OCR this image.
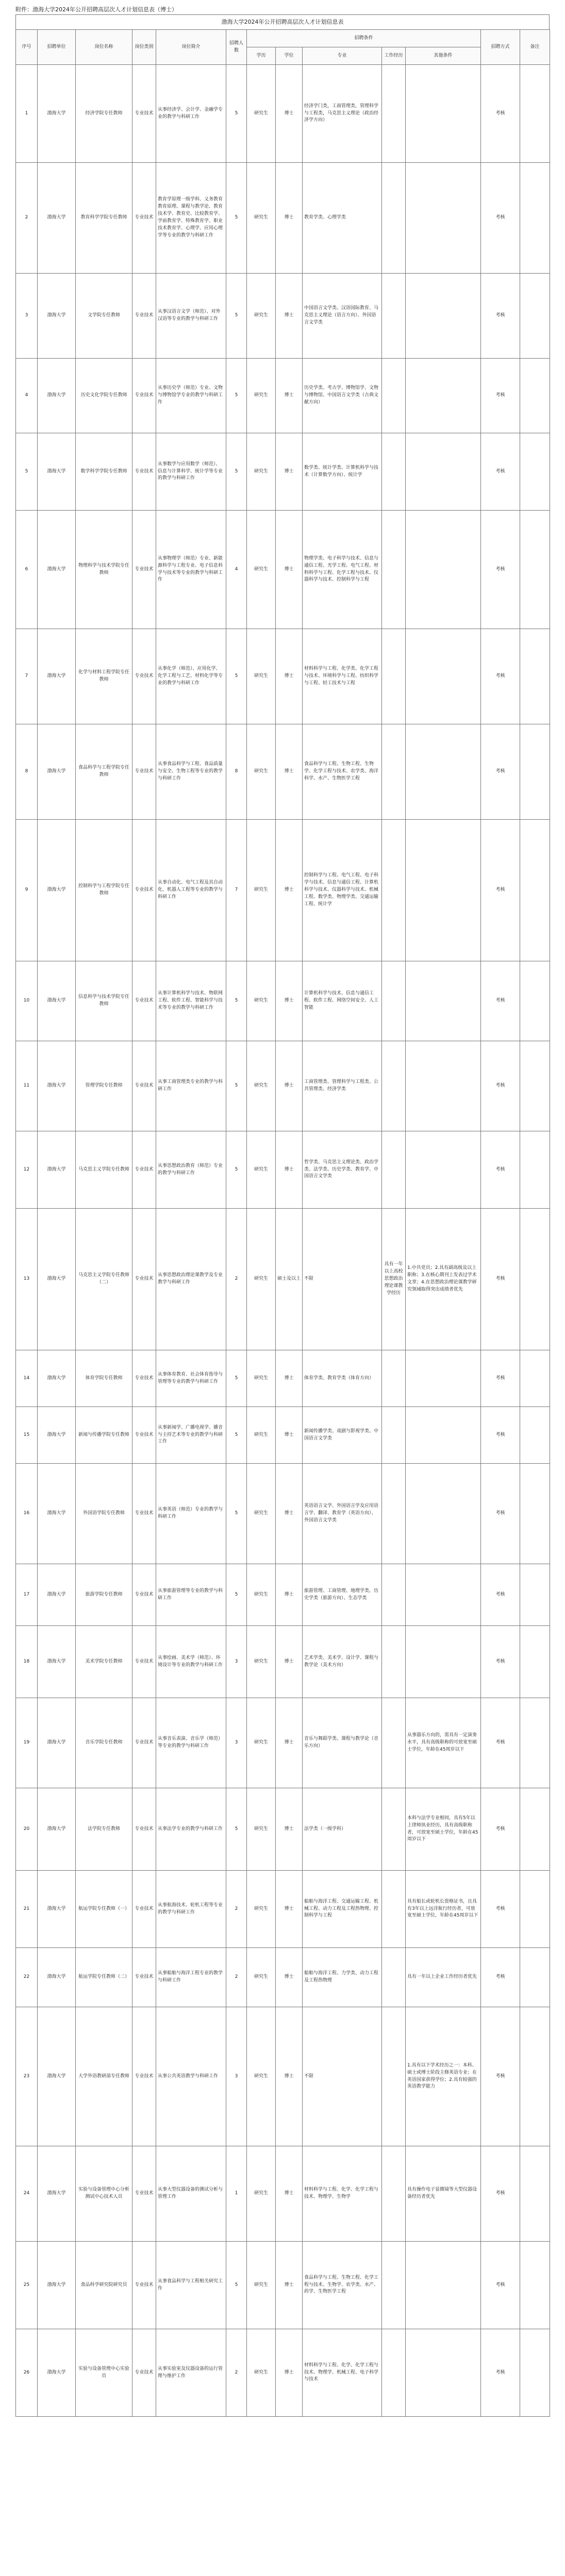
附件：渤海大学2024年公开招聘高层次人才计划信息表（博士）
渤海大学2024年公开招聘高层次人才计划信息表
序号	招聘单位	岗位名称	岗位类别	岗位简介	招聘人数	招聘条件					招聘方式	备注
						学历	学位	专业	工作经历	其他条件		
1	渤海大学	经济学院专任教师	专业技术	从事经济学、会计学、金融学专业的教学与科研工作	5	研究生	博士	经济学门类，工商管理类，管理科学与工程类，马克思主义理论（政治经济学方向）			考核	
2	渤海大学	教育科学学院专任教师	专业技术	教育学原理一级学科、义务教育教育原理、课程与教学论、教育技术学、教育史、比较教育学、学前教育学、特殊教育学、职业技术教育学、心理学、应用心理学等专业的教学与科研工作	5	研究生	博士	教育学类、心理学类			考核	
3	渤海大学	文学院专任教师	专业技术	从事汉语言文学（师范）、对外汉语等专业的教学与科研工作	5	研究生	博士	中国语言文学类、汉语国际教育、马克思主义理论（语言方向）、外国语言文学类			考核	
4	渤海大学	历史文化学院专任教师	专业技术	从事历史学（师范）专业、文物与博物馆学专业的教学与科研工作	5	研究生	博士	历史学类、考古学、博物馆学、文物与博物馆、中国语言文学类（古典文献方向）			考核	
5	渤海大学	数学科学学院专任教师	专业技术	从事数学与应用数学（师范）、信息与计算科学、统计学等专业的教学与科研工作	5	研究生	博士	数学类、统计学类、计算机科学与技术（计算数学方向）、统计学			考核	
6	渤海大学	物理科学与技术学院专任教师	专业技术	从事物理学（师范）专业、新能源科学与工程专业、电子信息科学与技术等专业的教学与科研工作	4	研究生	博士	物理学类、电子科学与技术、信息与通信工程、光学工程、电气工程、材料科学与工程、化学工程与技术、仪器科学与技术、控制科学与工程			考核	
7	渤海大学	化学与材料工程学院专任教师	专业技术	从事化学（师范）、应用化学、化学工程与工艺、材料化学等专业的教学与科研工作	5	研究生	博士	材料科学与工程、化学类、化学工程与技术、环境科学与工程、纺织科学与工程、轻工技术与工程			考核	
8	渤海大学	食品科学与工程学院专任教师	专业技术	从事食品科学与工程、食品质量与安全、生物工程等专业的教学与科研工作	8	研究生	博士	食品科学与工程、生物工程、生物学、化学工程与技术、农学类、海洋科学、水产、生物医学工程			考核	
9	渤海大学	控制科学与工程学院专任教师	专业技术	从事自动化、电气工程及其自动化、机器人工程等专业的教学与科研工作	7	研究生	博士	控制科学与工程、电气工程、电子科学与技术、信息与通信工程、计算机科学与技术、仪器科学与技术、机械工程、数学类、物理学类、交通运输工程、统计学			考核	
10	渤海大学	信息科学与技术学院专任教师	专业技术	从事计算机科学与技术、物联网工程、软件工程、智能科学与技术等专业的教学与科研工作	5	研究生	博士	计算机科学与技术、信息与通信工程、软件工程、网络空间安全、人工智能			考核	
11	渤海大学	管理学院专任教师	专业技术	从事工商管理类专业的教学与科研工作	5	研究生	博士	工商管理类、管理科学与工程类、公共管理类、经济学类			考核	
12	渤海大学	马克思主义学院专任教师	专业技术	从事思想政治教育（师范）专业的教学与科研工作	5	研究生	博士	哲学类、马克思主义理论类、政治学类、法学类、历史学类、教育学、中国语言文学类			考核	
13	渤海大学	马克思主义学院专任教师（二）	专业技术	从事思想政治理论课教学及专业教学与科研工作	2	研究生	硕士及以上	不限	具有一年以上高校思想政治理论课教学经历	1.中共党员；2.具有副高级及以上职称；3.在核心期刊上发表过学术文章；4.在思想政治理论课教学研究领域取得突出成绩者优先	考核	
14	渤海大学	体育学院专任教师	专业技术	从事体育教育、社会体育指导与管理等专业的教学与科研工作	5	研究生	博士	体育学类、教育学类（体育方向）			考核	
15	渤海大学	新闻与传播学院专任教师	专业技术	从事新闻学、广播电视学、播音与主持艺术等专业的教学与科研工作	5	研究生	博士	新闻传播学类、戏剧与影视学类、中国语言文学类			考核	
16	渤海大学	外国语学院专任教师	专业技术	从事英语（师范）专业的教学与科研工作	5	研究生	博士	英语语言文学、外国语言学及应用语言学、翻译、教育学（英语方向）、外国语言文学类			考核	
17	渤海大学	旅游学院专任教师	专业技术	从事旅游管理等专业的教学与科研工作	5	研究生	博士	旅游管理、工商管理、地理学类、历史学类（旅游方向）、生态学类			考核	
18	渤海大学	美术学院专任教师	专业技术	从事绘画、美术学（师范）、环境设计等专业的教学与科研工作	3	研究生	博士	艺术学类、美术学、设计学、课程与教学论（美术方向）			考核	
19	渤海大学	音乐学院专任教师	专业技术	从事音乐表演、音乐学（师范）等专业的教学与科研工作	3	研究生	博士	音乐与舞蹈学类、课程与教学论（音乐方向）		从事器乐方向的，需具有一定演奏水平，具有高级职称的可放宽至硕士学位，年龄在45周岁以下	考核	
20	渤海大学	法学院专任教师	专业技术	从事法学专业的教学与科研工作	5	研究生	博士	法学类（一级学科）		本科与法学专业相同，具有5年以上律师执业经历，具有高级职称者，可放宽至硕士学位，年龄在45周岁以下	考核	
21	渤海大学	航运学院专任教师（一）	专业技术	从事航海技术、轮机工程等专业的教学与科研工作	2	研究生	博士	船舶与海洋工程、交通运输工程、机械工程、动力工程及工程热物理、控制科学与工程		具有船长或轮机长资格证书，且具有3年以上远洋航行经历者，可放宽至硕士学位，年龄在45周岁以下	考核	
22	渤海大学	航运学院专任教师（二）	专业技术	从事船舶与海洋工程专业的教学与科研工作	2	研究生	博士	船舶与海洋工程、力学类、动力工程及工程热物理		具有一年以上企业工作经历者优先	考核	
23	渤海大学	大学外语教研部专任教师	专业技术	从事公共英语教学与科研工作	3	研究生	博士	不限		1.具有以下学术经历之一：本科、硕士或博士阶段主修英语专业；在英语国家获得学位；2.具有较强的英语教学能力	考核	
24	渤海大学	实验与设备管理中心分析测试中心技术人员	专业技术	从事大型仪器设备的测试分析与管理工作	1	研究生	博士	材料科学与工程、化学、化学工程与技术、物理学、生物学		具有操作电子显微镜等大型仪器设备经历者优先	考核	
25	渤海大学	食品科学研究院研究员	专业技术	从事食品科学与工程相关研究工作	5	研究生	博士	食品科学与工程、生物工程、化学工程与技术、生物学、农学类、水产、药学、生物医学工程			考核	
26	渤海大学	实验与设备管理中心实验员	专业技术	从事实验室及仪器设备的运行管理与维护工作	2	研究生	博士	材料科学与工程、化学、化学工程与技术、物理学、机械工程、电子科学与技术			考核	
